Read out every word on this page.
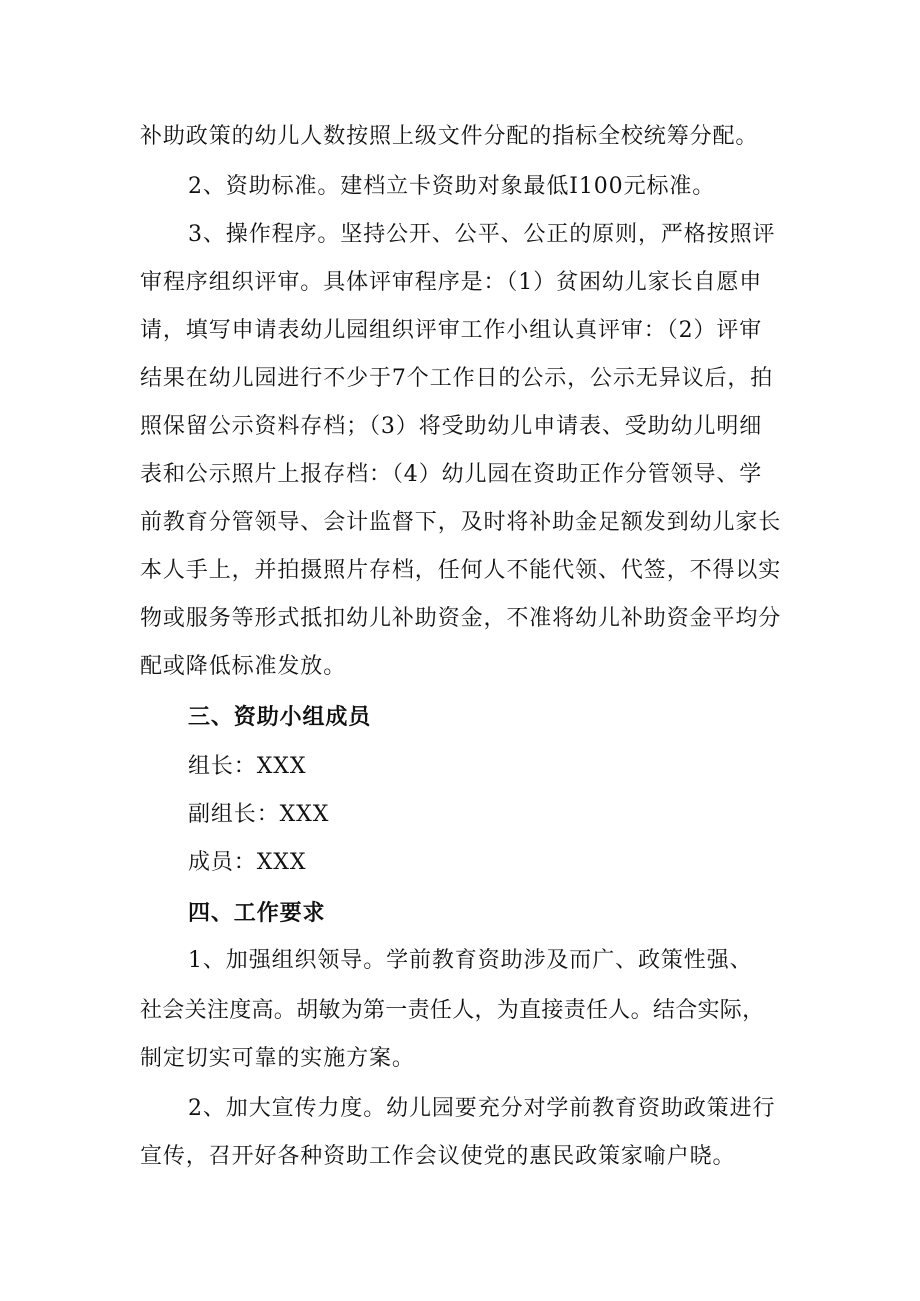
补助政策的幼儿人数按照上级文件分配的指标全校统筹分配。
2、资助标准。建档立卡资助对象最低I100元标准。
3、操作程序。坚持公开、公平、公正的原则，严格按照评
审程序组织评审。具体评审程序是：（1）贫困幼儿家长自愿申
请，填写申请表幼儿园组织评审工作小组认真评审：（2）评审
结果在幼儿园进行不少于7个工作日的公示，公示无异议后，拍
照保留公示资料存档；（3）将受助幼儿申请表、受助幼儿明细
表和公示照片上报存档：（4）幼儿园在资助正作分管领导、学
前教育分管领导、会计监督下，及时将补助金足额发到幼儿家长
本人手上，并拍摄照片存档，任何人不能代领、代签，不得以实
物或服务等形式抵扣幼儿补助资金，不准将幼儿补助资金平均分
配或降低标准发放。
三、资助小组成员
组长：XXX
副组长：XXX
成员：XXX
四、工作要求
1、加强组织领导。学前教育资助涉及而广、政策性强、
社会关注度高。胡敏为第一责任人，为直接责任人。结合实际，
制定切实可靠的实施方案。
2、加大宣传力度。幼儿园要充分对学前教育资助政策进行
宣传，召开好各种资助工作会议使党的惠民政策家喻户晓。
